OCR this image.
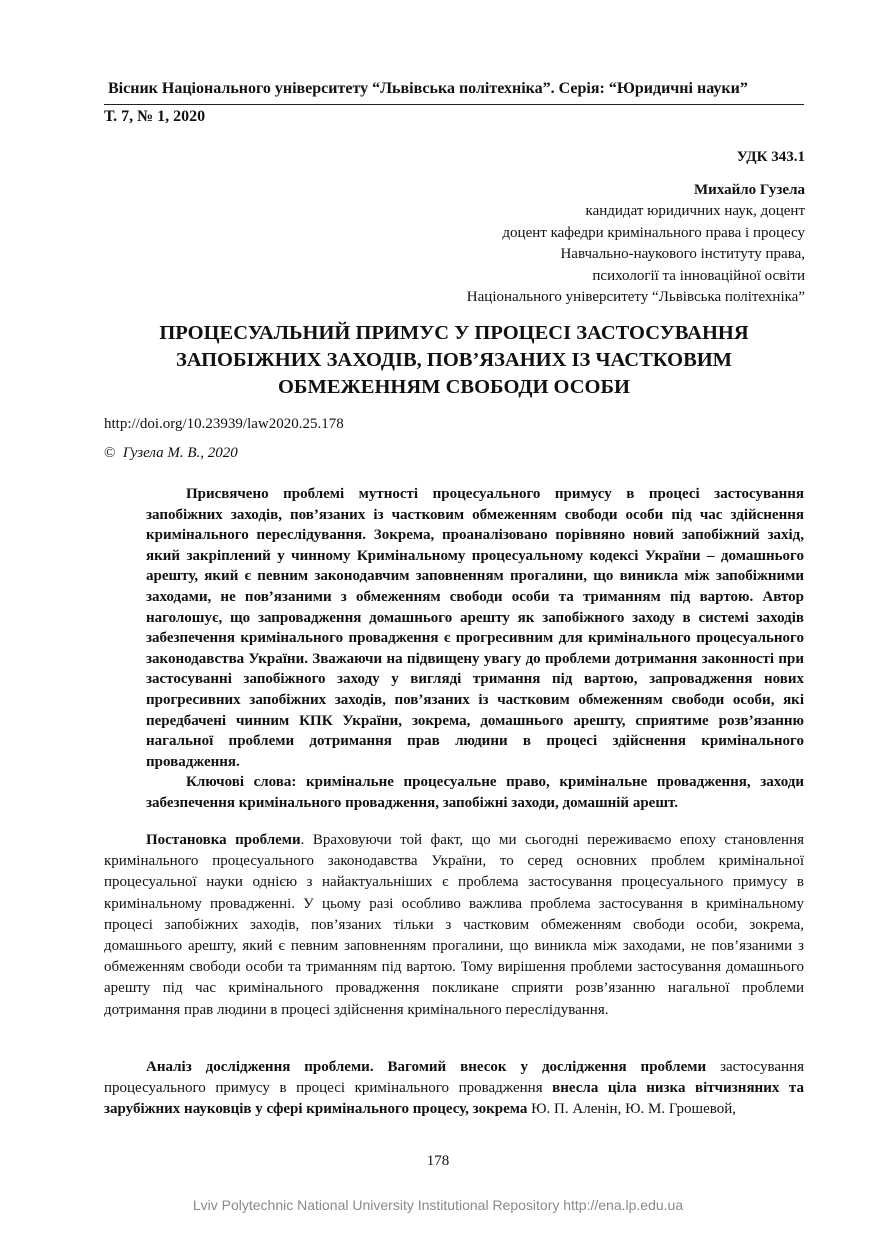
Вісник Національного університету “Львівська політехніка”. Серія: “Юридичні науки”
Т. 7, № 1, 2020
УДК 343.1
Михайло Гузела
кандидат юридичних наук, доцент
доцент кафедри кримінального права і процесу
Навчально-наукового інституту права,
психології та інноваційної освіти
Національного університету “Львівська політехніка”
ПРОЦЕСУАЛЬНИЙ ПРИМУС У ПРОЦЕСІ ЗАСТОСУВАННЯ
ЗАПОБІЖНИХ ЗАХОДІВ, ПОВ’ЯЗАНИХ ІЗ ЧАСТКОВИМ
ОБМЕЖЕННЯМ СВОБОДИ ОСОБИ
http://doi.org/10.23939/law2020.25.178
© Гузела М. В., 2020

Присвячено проблемі мутності процесуального примусу в процесі застосування запобіжних заходів, пов’язаних із частковим обмеженням свободи особи під час здійснення кримінального переслідування. Зокрема, проаналізовано порівняно новий запобіжний захід, який закріплений у чинному Кримінальному процесуальному кодексі України – домашнього арешту, який є певним законодавчим заповненням прогалини, що виникла між запобіжними заходами, не пов’язаними з обмеженням свободи особи та триманням під вартою. Автор наголошує, що запровадження домашнього арешту як запобіжного заходу в системі заходів забезпечення кримінального провадження є прогресивним для кримінального процесуального законодавства України. Зважаючи на підвищену увагу до проблеми дотримання законності при застосуванні запобіжного заходу у вигляді тримання під вартою, запровадження нових прогресивних запобіжних заходів, пов’язаних із частковим обмеженням свободи особи, які передбачені чинним КПК України, зокрема, домашнього арешту, сприятиме розв’язанню нагальної проблеми дотримання прав людини в процесі здійснення кримінального провадження.

Ключові слова: кримінальне процесуальне право, кримінальне провадження, заходи забезпечення кримінального провадження, запобіжні заходи, домашній арешт.

Постановка проблеми. Враховуючи той факт, що ми сьогодні переживаємо епоху становлення кримінального процесуального законодавства України, то серед основних проблем кримінальної процесуальної науки однією з найактуальніших є проблема застосування процесуального примусу в кримінальному провадженні. У цьому разі особливо важлива проблема застосування в кримінальному процесі запобіжних заходів, пов’язаних тільки з частковим обмеженням свободи особи, зокрема, домашнього арешту, який є певним заповненням прогалини, що виникла між заходами, не пов’язаними з обмеженням свободи особи та триманням під вартою. Тому вирішення проблеми застосування домашнього арешту під час кримінального провадження покликане сприяти розв’язанню нагальної проблеми дотримання прав людини в процесі здійснення кримінального переслідування.

Аналіз дослідження проблеми. Вагомий внесок у дослідження проблеми застосування процесуального примусу в процесі кримінального провадження внесла ціла низка вітчизняних та зарубіжних науковців у сфері кримінального процесу, зокрема Ю. П. Аленін, Ю. М. Грошевой,

178
Lviv Polytechnic National University Institutional Repository http://ena.lp.edu.ua
